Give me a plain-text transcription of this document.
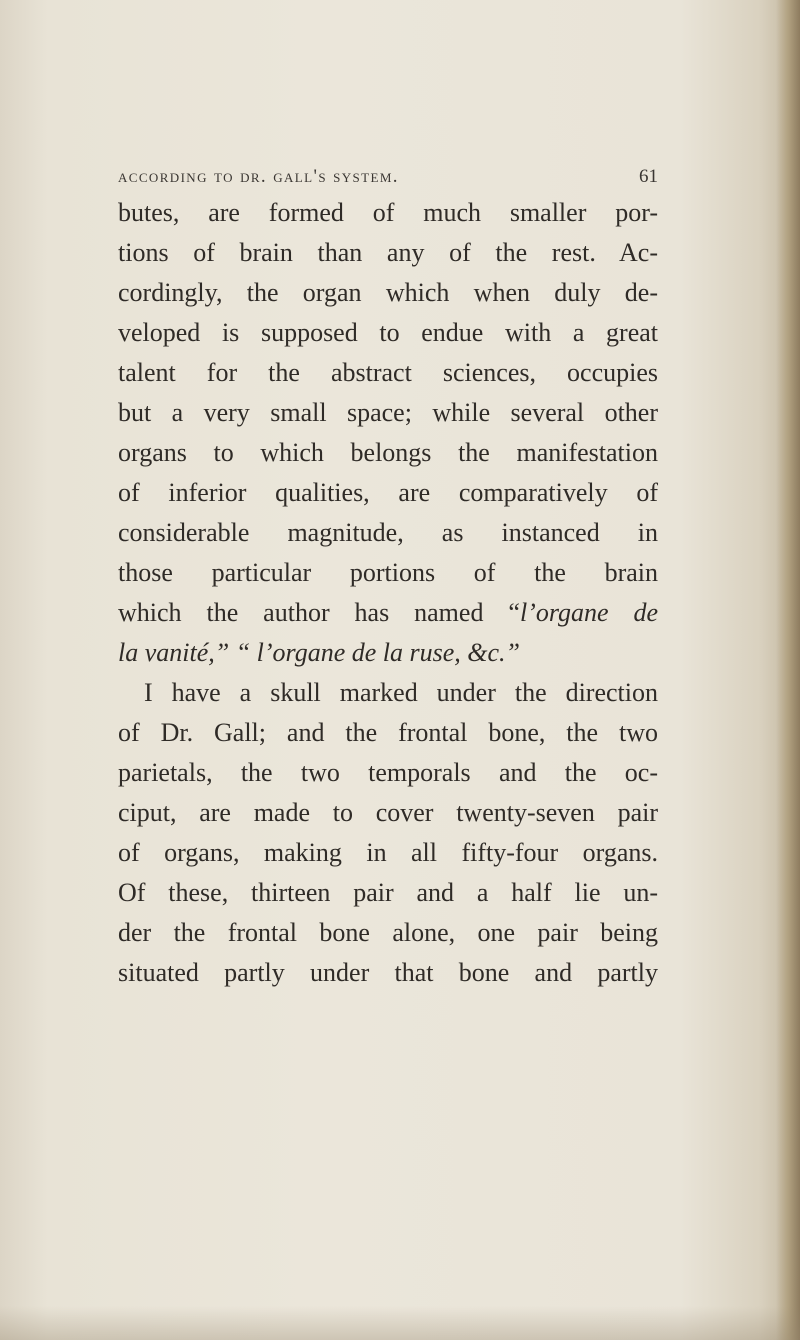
according to dr. gall's system.	61
butes, are formed of much smaller por-
tions of brain than any of the rest. Ac-
cordingly, the organ which when duly de-
veloped is supposed to endue with a great
talent for the abstract sciences, occupies
but a very small space; while several other
organs to which belongs the manifestation
of inferior qualities, are comparatively of
considerable magnitude, as instanced in
those particular portions of the brain
which the author has named “l’organe de
la vanité,” “ l’organe de la ruse, &c.”
I have a skull marked under the direction
of Dr. Gall; and the frontal bone, the two
parietals, the two temporals and the oc-
ciput, are made to cover twenty-seven pair
of organs, making in all fifty-four organs.
Of these, thirteen pair and a half lie un-
der the frontal bone alone, one pair being
situated partly under that bone and partly
